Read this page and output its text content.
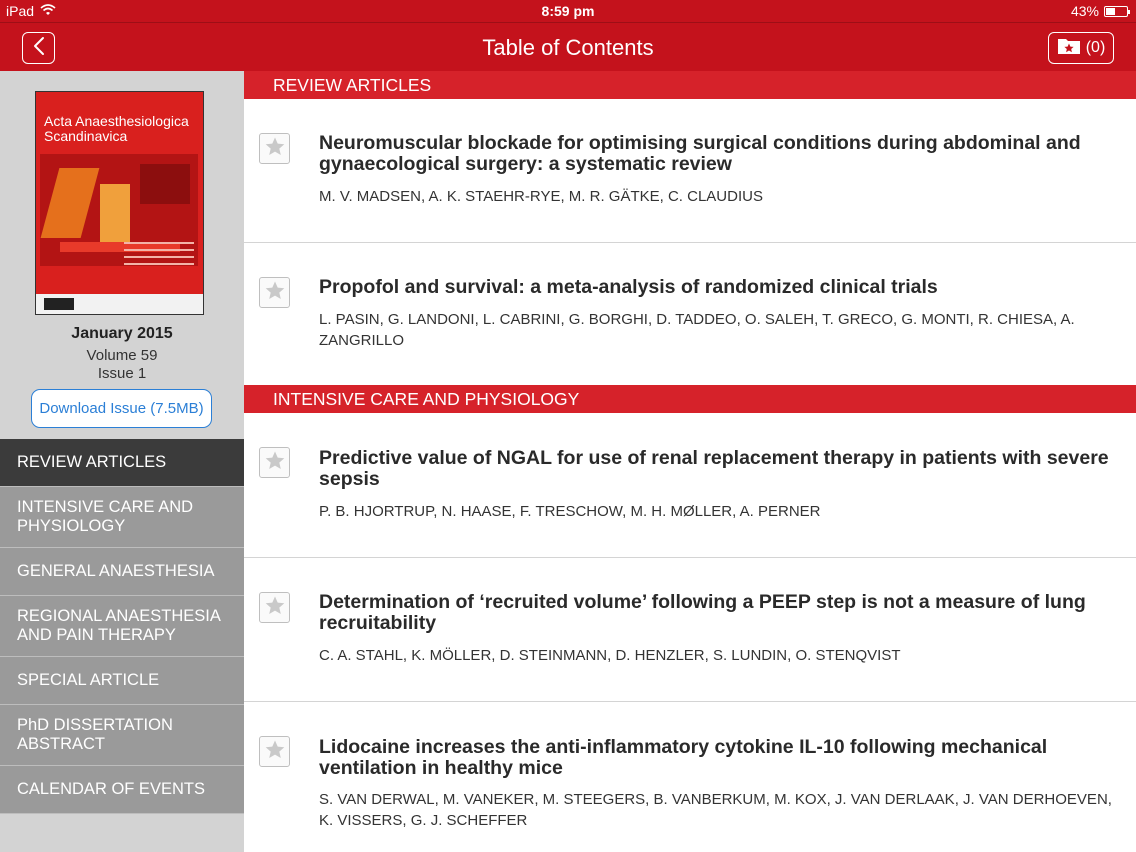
iPad	8:59 pm	43%
Table of Contents	(0)
Acta Anaesthesiologica
Scandinavica
January 2015
Volume 59
Issue 1
Download Issue (7.5MB)
REVIEW ARTICLES
INTENSIVE CARE AND PHYSIOLOGY
GENERAL ANAESTHESIA
REGIONAL ANAESTHESIA AND PAIN THERAPY
SPECIAL ARTICLE
PhD DISSERTATION ABSTRACT
CALENDAR OF EVENTS
REVIEW ARTICLES
Neuromuscular blockade for optimising surgical conditions during abdominal and gynaecological surgery: a systematic review
M. V. MADSEN, A. K. STAEHR-RYE, M. R. GÄTKE, C. CLAUDIUS
Propofol and survival: a meta-analysis of randomized clinical trials
L. PASIN, G. LANDONI, L. CABRINI, G. BORGHI, D. TADDEO, O. SALEH, T. GRECO, G. MONTI, R. CHIESA, A. ZANGRILLO
INTENSIVE CARE AND PHYSIOLOGY
Predictive value of NGAL for use of renal replacement therapy in patients with severe sepsis
P. B. HJORTRUP, N. HAASE, F. TRESCHOW, M. H. MØLLER, A. PERNER
Determination of ‘recruited volume’ following a PEEP step is not a measure of lung recruitability
C. A. STAHL, K. MÖLLER, D. STEINMANN, D. HENZLER, S. LUNDIN, O. STENQVIST
Lidocaine increases the anti-inflammatory cytokine IL-10 following mechanical ventilation in healthy mice
S. VAN DERWAL, M. VANEKER, M. STEEGERS, B. VANBERKUM, M. KOX, J. VAN DERLAAK, J. VAN DERHOEVEN, K. VISSERS, G. J. SCHEFFER
